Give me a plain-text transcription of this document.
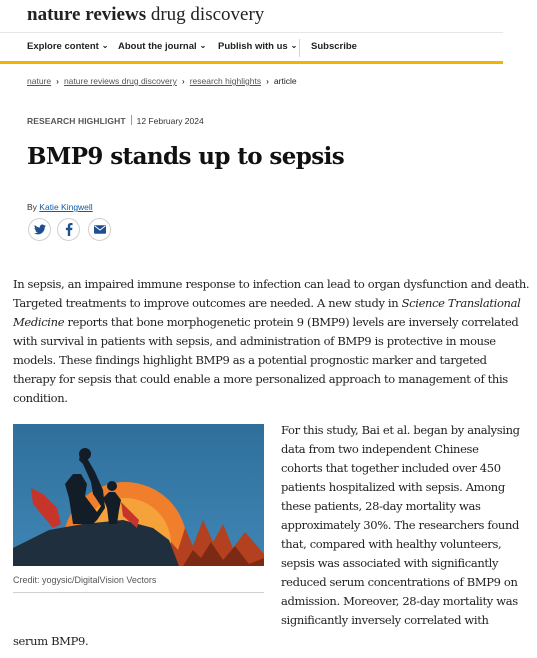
nature reviews drug discovery
Explore content ⌄ About the journal ⌄ Publish with us ⌄ Subscribe
nature › nature reviews drug discovery › research highlights › article
RESEARCH HIGHLIGHT 12 February 2024
BMP9 stands up to sepsis
By Katie Kingwell
In sepsis, an impaired immune response to infection can lead to organ dysfunction and death.
Targeted treatments to improve outcomes are needed. A new study in Science Translational
Medicine reports that bone morphogenetic protein 9 (BMP9) levels are inversely correlated
with survival in patients with sepsis, and administration of BMP9 is protective in mouse
models. These findings highlight BMP9 as a potential prognostic marker and targeted
therapy for sepsis that could enable a more personalized approach to management of this
condition.
Credit: yogysic/DigitalVision Vectors
For this study, Bai et al. began by analysing
data from two independent Chinese
cohorts that together included over 450
patients hospitalized with sepsis. Among
these patients, 28-day mortality was
approximately 30%. The researchers found
that, compared with healthy volunteers,
sepsis was associated with significantly
reduced serum concentrations of BMP9 on
admission. Moreover, 28-day mortality was
significantly inversely correlated with
serum BMP9.
